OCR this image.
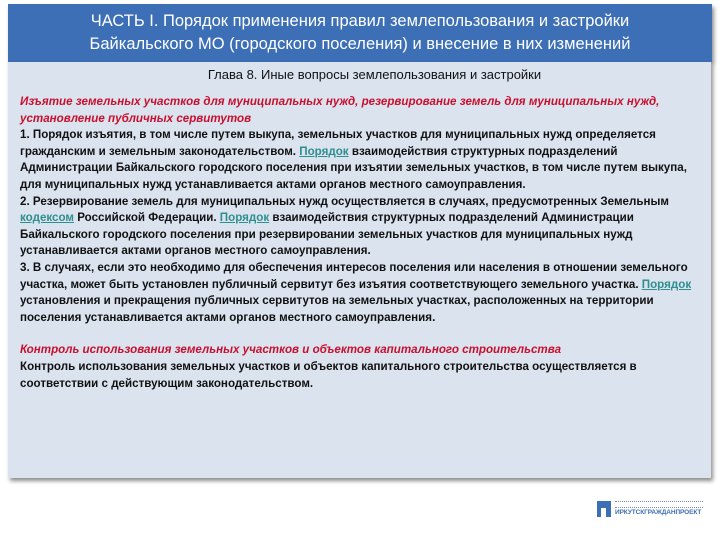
ЧАСТЬ I. Порядок применения правил землепользования и застройки
Байкальского МО (городского поселения) и внесение в них изменений
Глава 8. Иные вопросы землепользования и застройки

Изъятие земельных участков для муниципальных нужд, резервирование земель для муниципальных нужд, установление публичных сервитутов

1. Порядок изъятия, в том числе путем выкупа, земельных участков для муниципальных нужд определяется гражданским и земельным законодательством. Порядок взаимодействия структурных подразделений Администрации Байкальского городского поселения при изъятии земельных участков, в том числе путем выкупа, для муниципальных нужд устанавливается актами органов местного самоуправления.

2. Резервирование земель для муниципальных нужд осуществляется в случаях, предусмотренных Земельным кодексом Российской Федерации. Порядок взаимодействия структурных подразделений Администрации Байкальского городского поселения при резервировании земельных участков для муниципальных нужд устанавливается актами органов местного самоуправления.

3. В случаях, если это необходимо для обеспечения интересов поселения или населения в отношении земельного участка, может быть установлен публичный сервитут без изъятия соответствующего земельного участка. Порядок установления и прекращения публичных сервитутов на земельных участках, расположенных на территории поселения устанавливается актами органов местного самоуправления.

Контроль использования земельных участков и объектов капитального строительства

Контроль использования земельных участков и объектов капитального строительства осуществляется в соответствии с действующим законодательством.

ИРКУТСКГРАЖДАНПРОЕКТ
